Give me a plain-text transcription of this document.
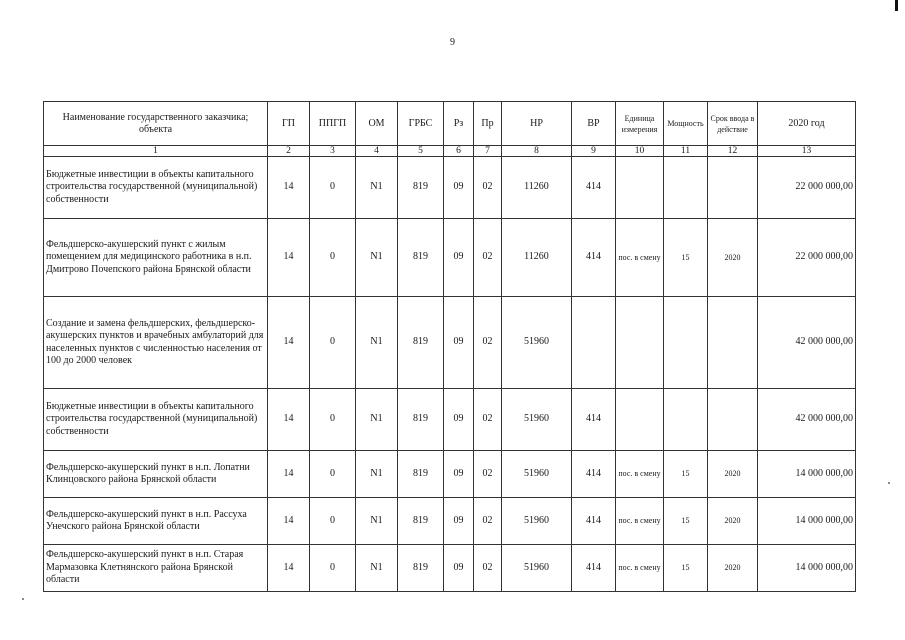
9
Наименование государственного заказчика; объекта	ГП	ППГП	ОМ	ГРБС	Рз	Пр	НР	ВР	Единица измерения	Мощность	Срок ввода в действие	2020 год
1	2	3	4	5	6	7	8	9	10	11	12	13
Бюджетные инвестиции в объекты капитального строительства государственной (муниципальной) собственности	14	0	N1	819	09	02	11260	414				22 000 000,00
Фельдшерско-акушерский пункт с жилым помещением для медицинского работника в н.п. Дмитрово Почепского района Брянской области	14	0	N1	819	09	02	11260	414	пос. в смену	15	2020	22 000 000,00
Создание и замена фельдшерских, фельдшерско-акушерских пунктов и врачебных амбулаторий для населенных пунктов с численностью населения от 100 до 2000 человек	14	0	N1	819	09	02	51960					42 000 000,00
Бюджетные инвестиции в объекты капитального строительства государственной (муниципальной) собственности	14	0	N1	819	09	02	51960	414				42 000 000,00
Фельдшерско-акушерский пункт в н.п. Лопатни Клинцовского района Брянской области	14	0	N1	819	09	02	51960	414	пос. в смену	15	2020	14 000 000,00
Фельдшерско-акушерский пункт в н.п. Рассуха Унечского района Брянской области	14	0	N1	819	09	02	51960	414	пос. в смену	15	2020	14 000 000,00
Фельдшерско-акушерский пункт в н.п. Старая Мармазовка Клетнянского района Брянской области	14	0	N1	819	09	02	51960	414	пос. в смену	15	2020	14 000 000,00
